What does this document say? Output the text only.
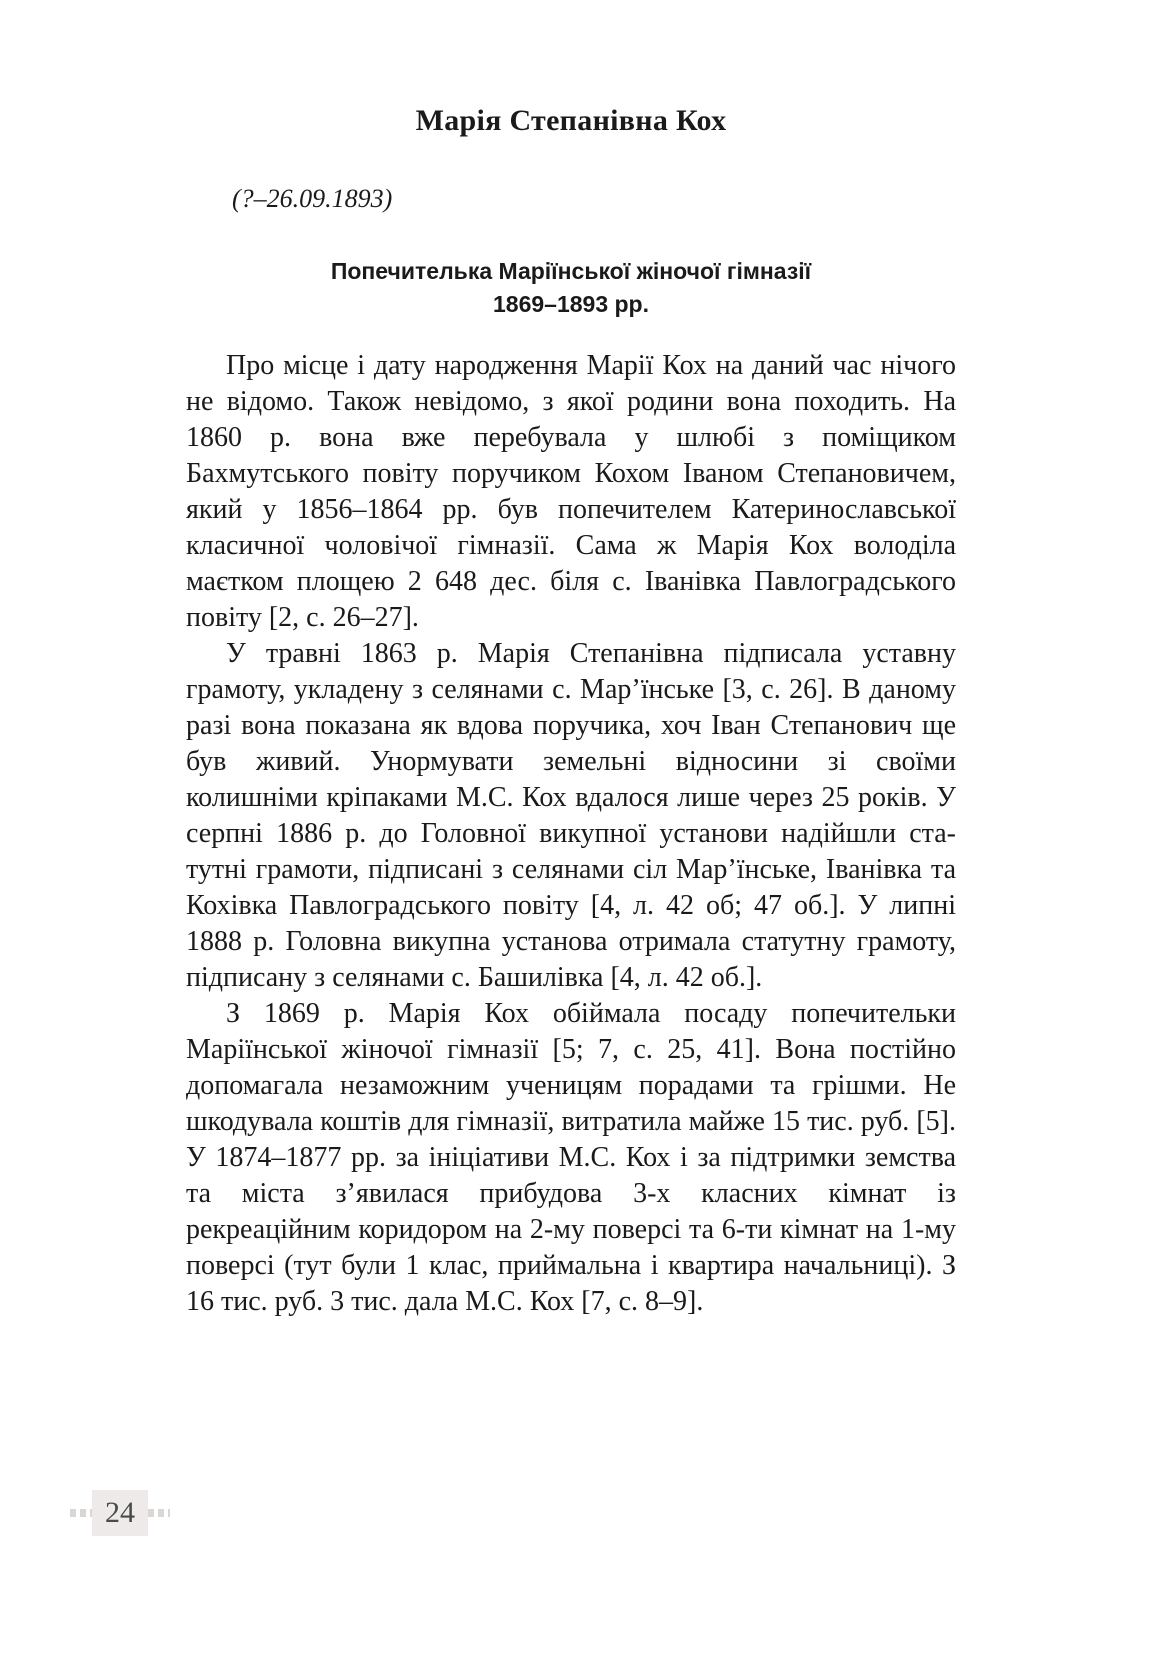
Марія Степанівна Кох
(?–26.09.1893)
Попечителька Маріїнської жіночої гімназії
1869–1893 рр.

Про місце і дату народження Марії Кох на даний час нічого не відомо. Також невідомо, з якої родини вона походить. На 1860 р. вона вже перебувала у шлюбі з поміщиком Бахмутського повіту поручиком Кохом Іваном Степановичем, який у 1856–1864 рр. був попечителем Катеринославської класичної чоловічої гімназії. Сама ж Марія Кох володіла маєтком площею 2 648 дес. біля с. Іванівка Павлоградського повіту [2, с. 26–27].

У травні 1863 р. Марія Степанівна підписала уставну грамоту, укладену з селянами с. Мар’їнське [3, с. 26]. В даному разі вона показана як вдова поручика, хоч Іван Степанович ще був живий. Унормувати земельні відносини зі своїми колишніми кріпаками М.С. Кох вдалося лише через 25 років. У серпні 1886 р. до Головної викупної установи надійшли статутні грамоти, підписані з селянами сіл Мар’їнське, Іванівка та Кохівка Павлоградського повіту [4, л. 42 об; 47 об.]. У липні 1888 р. Головна викупна установа отримала статутну грамоту, підписану з селянами с. Башилівка [4, л. 42 об.].

З 1869 р. Марія Кох обіймала посаду попечительки Маріїнської жіночої гімназії [5; 7, с. 25, 41]. Вона постійно допомагала незаможним ученицям порадами та грішми. Не шкодувала коштів для гімназії, витратила майже 15 тис. руб. [5]. У 1874–1877 рр. за ініціативи М.С. Кох і за підтримки земства та міста з’явилася прибудова 3-х класних кімнат із рекреаційним коридором на 2-му поверсі та 6-ти кімнат на 1-му поверсі (тут були 1 клас, приймальна і квартира начальниці). З 16 тис. руб. 3 тис. дала М.С. Кох [7, с. 8–9].

24
